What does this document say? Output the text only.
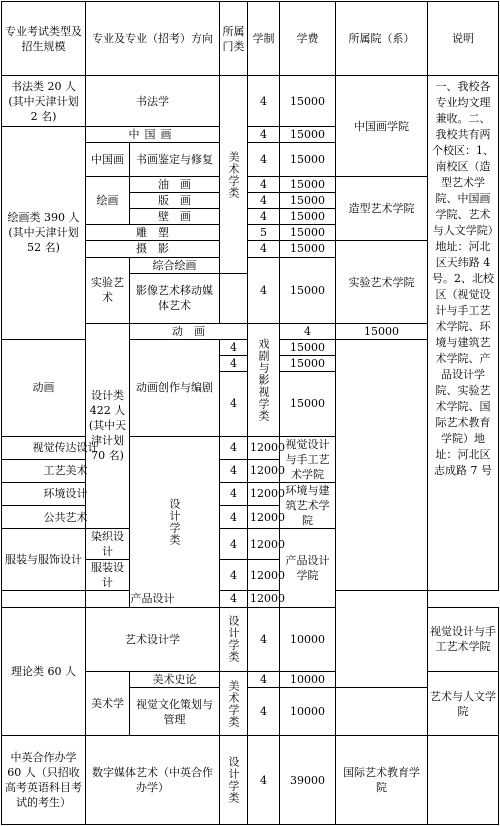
专业考试类型及招生规模	专业及专业（招考）方向		所属门类	学制	学费	所属院（系）	说明	
书法类 20 人(其中天津计划 2 名)	书法学		美术学类	4	15000	中国画学院	一、我校各专业均文理兼收。二、我校共有两个校区：1、南校区（造型艺术学院、中国画学院、艺术与人文学院）地址：河北区天纬路 4 号。2、北校区（视觉设计与手工艺术学院、环境与建筑艺术学院、产品设计学院、实验艺术学院、国际艺术教育学院）地址：河北区志成路 7 号	
绘画类 390 人(其中天津计划 52 名)	中国画			4	15000			
	中国画	书画鉴定与修复		4	15000			
	绘画	油　画		4	15000	造型艺术学院		
		版　画		4	15000			
		壁　画		4	15000			
	雕　塑			5	15000			
	摄　影			4	15000	实验艺术学院		
	实验艺术	综合绘画		4	15000			
		影像艺术移动媒体艺术						
	设计类 422 人(其中天津计划 70 名)	动　画		戏剧与影视学类	4	15000		
动画		动画创作与编剧	4		15000			
			4		15000			
			4		15000			
视觉传达设计		设计学类	4	12000	视觉设计与手工艺术学院			
工艺美术			4	12000				
环境设计			4	12000	环境与建筑艺术学院			
公共艺术			4	12000				
服装与服饰设计	染织设计		4	12000	产品设计学院			
	服装设计		4	12000				
	产品设计		4	12000				
理论类 60 人	艺术设计学		设计学类	4	10000		视觉设计与手工艺术学院	
	美术学	美术史论	美术学类	4	10000		艺术与人文学院	
		视觉文化策划与管理		4	10000			
中英合作办学 60 人（只招收高考英语科目考试的考生）	数字媒体艺术（中英合作办学）		设计学类	4	39000	国际艺术教育学院		
